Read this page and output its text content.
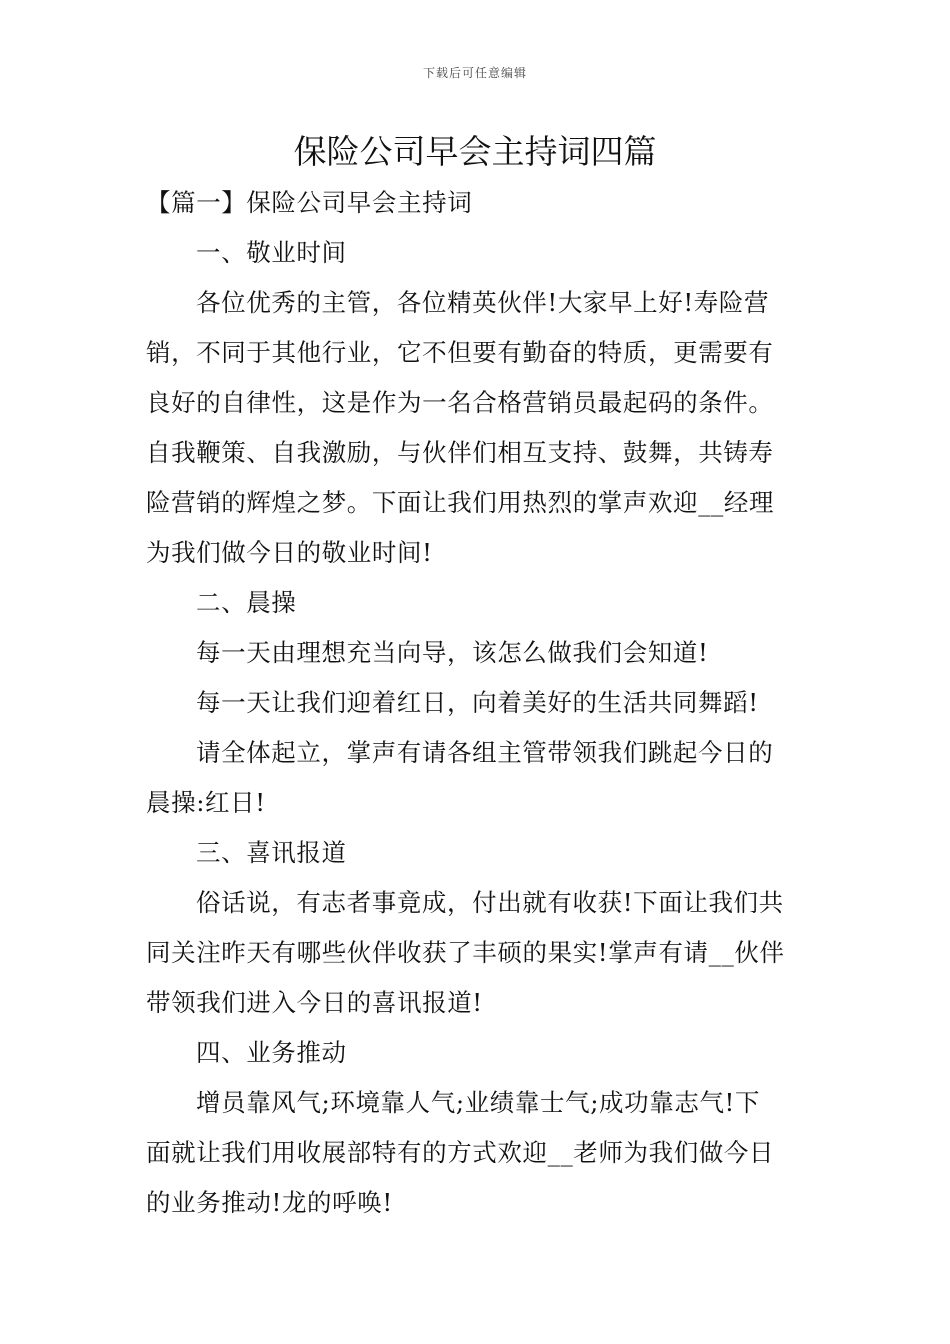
下载后可任意编辑
保险公司早会主持词四篇
【篇一】保险公司早会主持词
一、敬业时间
各位优秀的主管，各位精英伙伴!大家早上好!寿险营
销，不同于其他行业，它不但要有勤奋的特质，更需要有
良好的自律性，这是作为一名合格营销员最起码的条件。
自我鞭策、自我激励，与伙伴们相互支持、鼓舞，共铸寿
险营销的辉煌之梦。下面让我们用热烈的掌声欢迎__经理
为我们做今日的敬业时间!
二、晨操
每一天由理想充当向导，该怎么做我们会知道!
每一天让我们迎着红日，向着美好的生活共同舞蹈!
请全体起立，掌声有请各组主管带领我们跳起今日的
晨操:红日!
三、喜讯报道
俗话说，有志者事竟成，付出就有收获!下面让我们共
同关注昨天有哪些伙伴收获了丰硕的果实!掌声有请__伙伴
带领我们进入今日的喜讯报道!
四、业务推动
增员靠风气;环境靠人气;业绩靠士气;成功靠志气!下
面就让我们用收展部特有的方式欢迎__老师为我们做今日
的业务推动!龙的呼唤!
